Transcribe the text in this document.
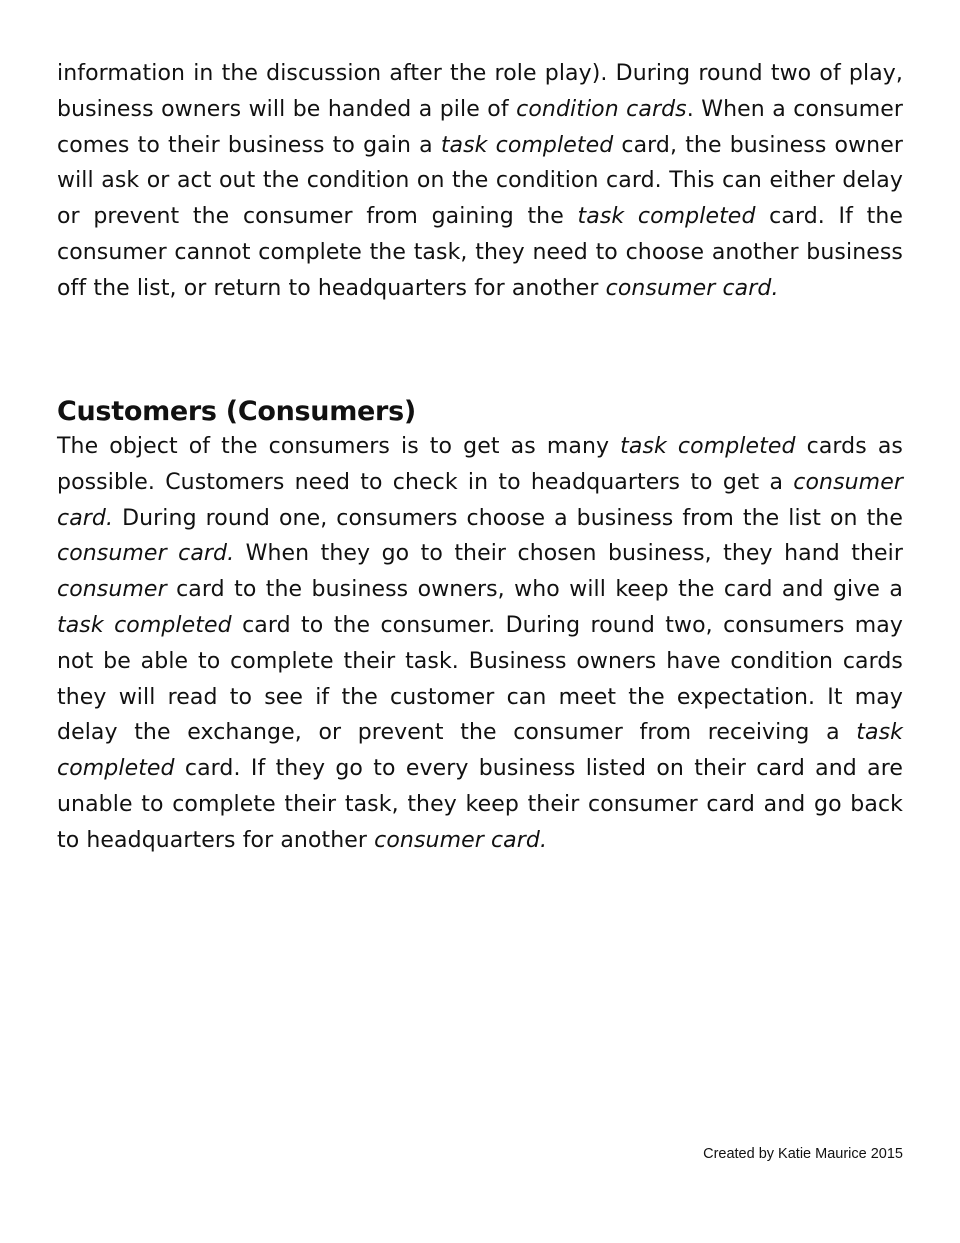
information in the discussion after the role play). During round two of play, business owners will be handed a pile of condition cards. When a consumer comes to their business to gain a task completed card, the business owner will ask or act out the condition on the condition card. This can either delay or prevent the consumer from gaining the task completed card. If the consumer cannot complete the task, they need to choose another business off the list, or return to headquarters for another consumer card.

Customers (Consumers)

The object of the consumers is to get as many task completed cards as possible. Customers need to check in to headquarters to get a consumer card. During round one, consumers choose a business from the list on the consumer card. When they go to their chosen business, they hand their consumer card to the business owners, who will keep the card and give a task completed card to the consumer. During round two, consumers may not be able to complete their task. Business owners have condition cards they will read to see if the customer can meet the expectation. It may delay the exchange, or prevent the consumer from receiving a task completed card. If they go to every business listed on their card and are unable to complete their task, they keep their consumer card and go back to headquarters for another consumer card.

Created by Katie Maurice 2015
